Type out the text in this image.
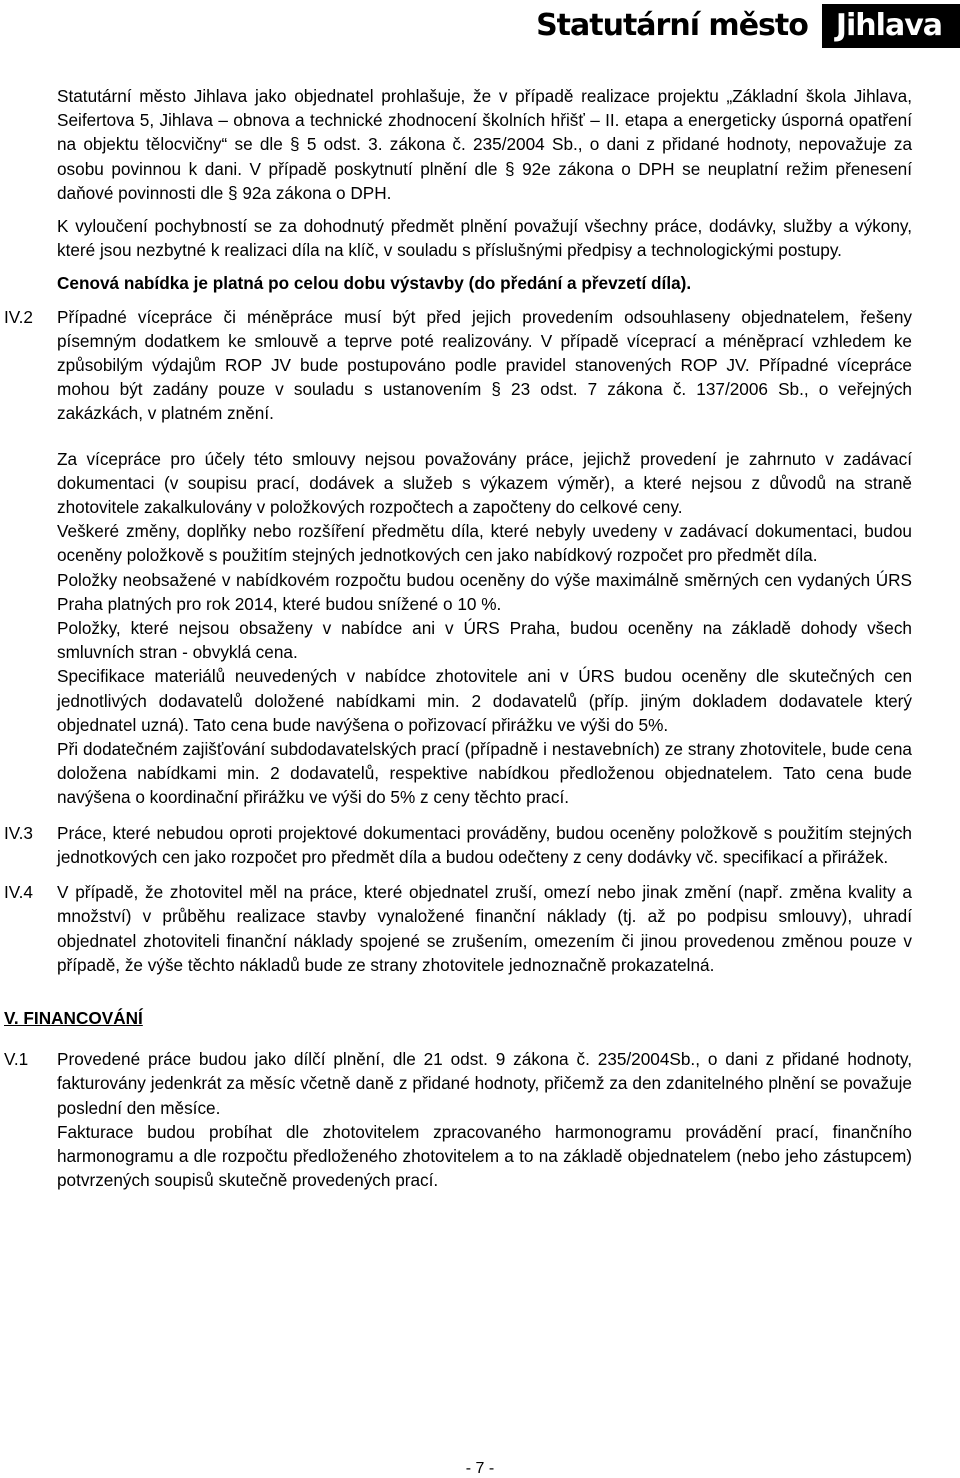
Statutární město Jihlava

Statutární město Jihlava jako objednatel prohlašuje, že v případě realizace projektu „Základní škola Jihlava, Seifertova 5, Jihlava – obnova a technické zhodnocení školních hřišť – II. etapa a energeticky úsporná opatření na objektu tělocvičny“ se dle § 5 odst. 3. zákona č. 235/2004 Sb., o dani z přidané hodnoty, nepovažuje za osobu povinnou k dani. V případě poskytnutí plnění dle § 92e zákona o DPH se neuplatní režim přenesení daňové povinnosti dle § 92a zákona o DPH.

K vyloučení pochybností se za dohodnutý předmět plnění považují všechny práce, dodávky, služby a výkony, které jsou nezbytné k realizaci díla na klíč, v souladu s příslušnými předpisy a technologickými postupy.

Cenová nabídka je platná po celou dobu výstavby (do předání a převzetí díla).

IV.2 Případné vícepráce či méněpráce musí být před jejich provedením odsouhlaseny objednatelem, řešeny písemným dodatkem ke smlouvě a teprve poté realizovány. V případě víceprací a méněprací vzhledem ke způsobilým výdajům ROP JV bude postupováno podle pravidel stanovených ROP JV. Případné vícepráce mohou být zadány pouze v souladu s ustanovením § 23 odst. 7 zákona č. 137/2006 Sb., o veřejných zakázkách, v platném znění.

Za vícepráce pro účely této smlouvy nejsou považovány práce, jejichž provedení je zahrnuto v zadávací dokumentaci (v soupisu prací, dodávek a služeb s výkazem výměr), a které nejsou z důvodů na straně zhotovitele zakalkulovány v položkových rozpočtech a započteny do celkové ceny.

Veškeré změny, doplňky nebo rozšíření předmětu díla, které nebyly uvedeny v zadávací dokumentaci, budou oceněny položkově s použitím stejných jednotkových cen jako nabídkový rozpočet pro předmět díla.

Položky neobsažené v nabídkovém rozpočtu budou oceněny do výše maximálně směrných cen vydaných ÚRS Praha platných pro rok 2014, které budou snížené o 10 %.

Položky, které nejsou obsaženy v nabídce ani v ÚRS Praha, budou oceněny na základě dohody všech smluvních stran - obvyklá cena.

Specifikace materiálů neuvedených v nabídce zhotovitele ani v ÚRS budou oceněny dle skutečných cen jednotlivých dodavatelů doložené nabídkami min. 2 dodavatelů (příp. jiným dokladem dodavatele který objednatel uzná). Tato cena bude navýšena o pořizovací přirážku ve výši do 5%.

Při dodatečném zajišťování subdodavatelských prací (případně i nestavebních) ze strany zhotovitele, bude cena doložena nabídkami min. 2 dodavatelů, respektive nabídkou předloženou objednatelem. Tato cena bude navýšena o koordinační přirážku ve výši do 5% z ceny těchto prací.

IV.3 Práce, které nebudou oproti projektové dokumentaci prováděny, budou oceněny položkově s použitím stejných jednotkových cen jako rozpočet pro předmět díla a budou odečteny z ceny dodávky vč. specifikací a přirážek.

IV.4 V případě, že zhotovitel měl na práce, které objednatel zruší, omezí nebo jinak změní (např. změna kvality a množství) v průběhu realizace stavby vynaložené finanční náklady (tj. až po podpisu smlouvy), uhradí objednatel zhotoviteli finanční náklady spojené se zrušením, omezením či jinou provedenou změnou pouze v případě, že výše těchto nákladů bude ze strany zhotovitele jednoznačně prokazatelná.

V. FINANCOVÁNÍ
V.1 Provedené práce budou jako dílčí plnění, dle 21 odst. 9 zákona č. 235/2004Sb., o dani z přidané hodnoty, fakturovány jedenkrát za měsíc včetně daně z přidané hodnoty, přičemž za den zdanitelného plnění se považuje poslední den měsíce.

Fakturace budou probíhat dle zhotovitelem zpracovaného harmonogramu provádění prací, finančního harmonogramu a dle rozpočtu předloženého zhotovitelem a to na základě objednatelem (nebo jeho zástupcem) potvrzených soupisů skutečně provedených prací.

- 7 -
